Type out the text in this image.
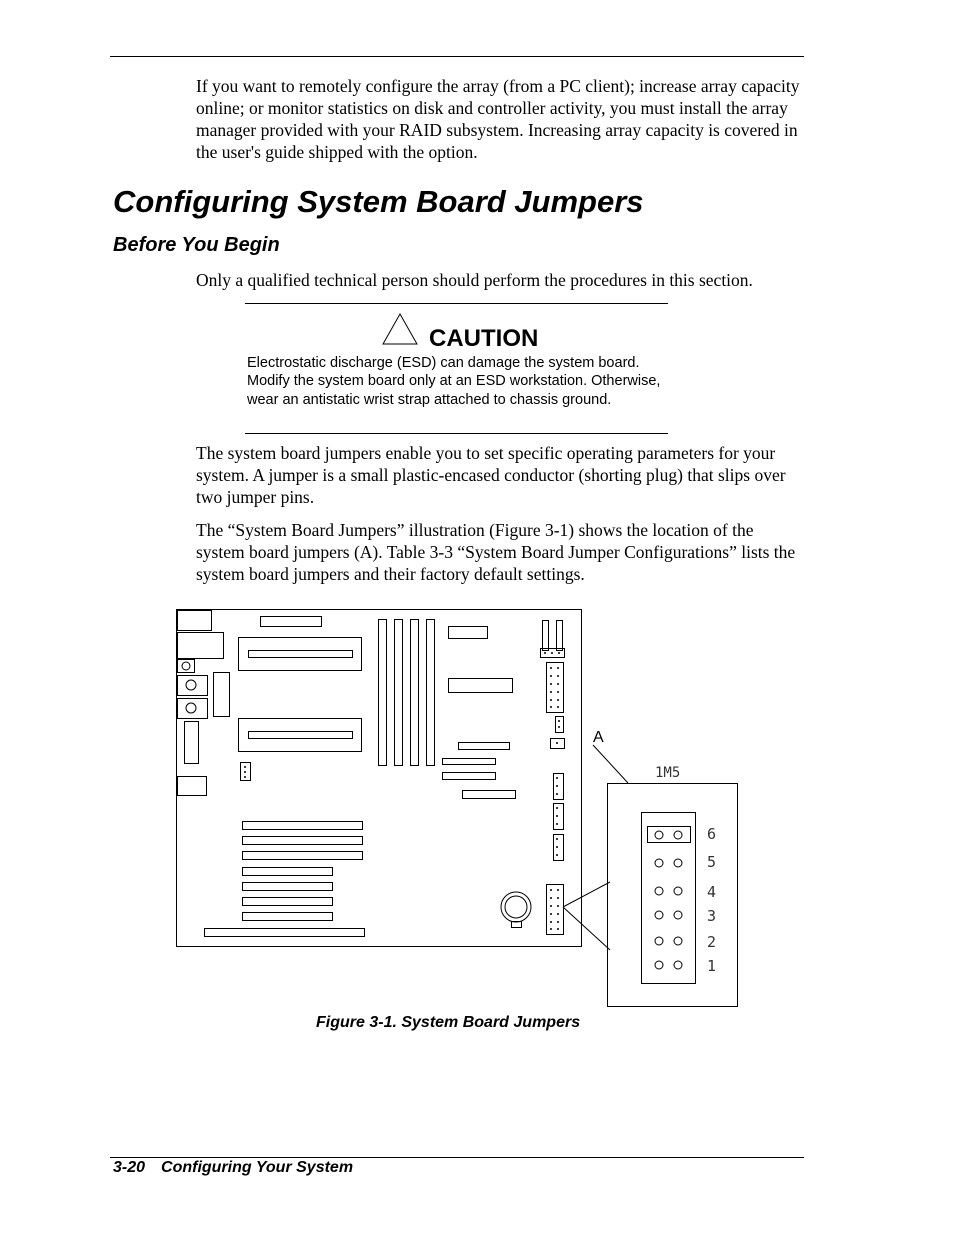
If you want to remotely configure the array (from a PC client); increase array capacity online; or monitor statistics on disk and controller activity, you must install the array manager provided with your RAID subsystem. Increasing array capacity is covered in the user's guide shipped with the option.
Configuring System Board Jumpers
Before You Begin
Only a qualified technical person should perform the procedures in this section.
CAUTION
Electrostatic discharge (ESD) can damage the system board. Modify the system board only at an ESD workstation. Otherwise, wear an antistatic wrist strap attached to chassis ground.
The system board jumpers enable you to set specific operating parameters for your system. A jumper is a small plastic-encased conductor (shorting plug) that slips over two jumper pins.
The “System Board Jumpers” illustration (Figure 3-1) shows the location of the system board jumpers (A). Table 3-3 “System Board Jumper Configurations” lists the system board jumpers and their factory default settings.
A
1M5
6
5
4
3
2
1
Figure 3-1. System Board Jumpers
3-20 Configuring Your System
